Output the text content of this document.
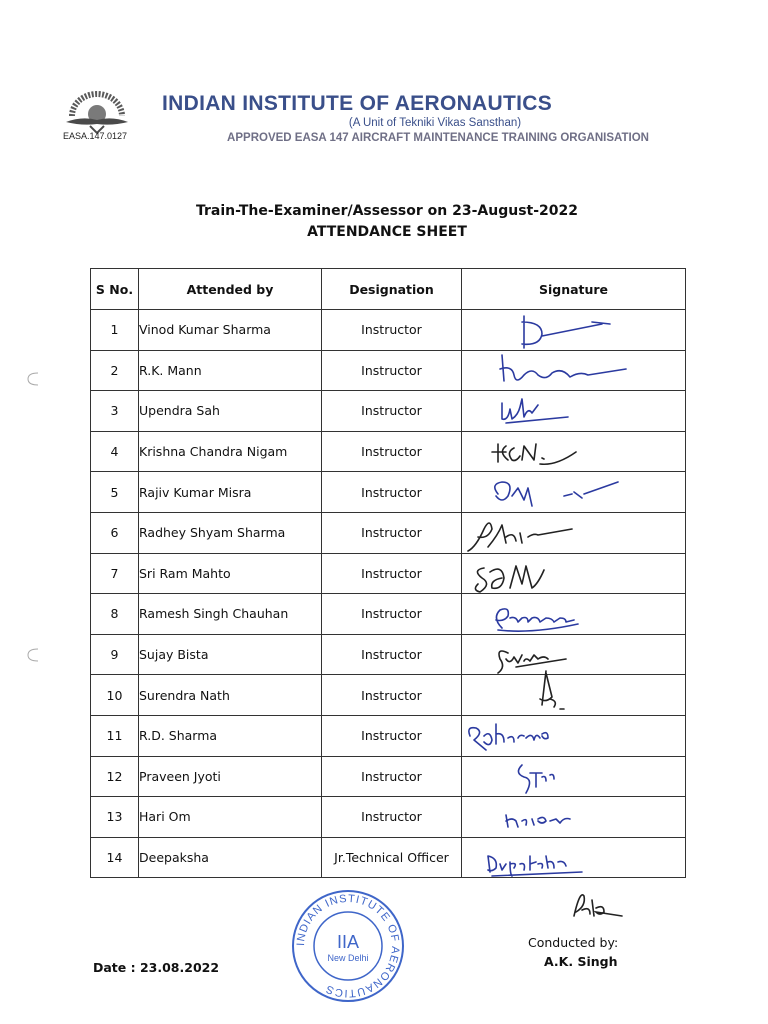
EASA.147.0127
INDIAN INSTITUTE OF AERONAUTICS
(A Unit of Tekniki Vikas Sansthan)
APPROVED EASA 147 AIRCRAFT MAINTENANCE TRAINING ORGANISATION
Train-The-Examiner/Assessor on 23-August-2022
ATTENDANCE SHEET
S No.	Attended by	Designation	Signature
1	Vinod Kumar Sharma	Instructor	

2	R.K. Mann	Instructor	

3	Upendra Sah	Instructor	

4	Krishna Chandra Nigam	Instructor	

5	Rajiv Kumar Misra	Instructor	

6	Radhey Shyam Sharma	Instructor	

7	Sri Ram Mahto	Instructor	

8	Ramesh Singh Chauhan	Instructor	

9	Sujay Bista	Instructor	

10	Surendra Nath	Instructor	

11	R.D. Sharma	Instructor	

12	Praveen Jyoti	Instructor	

13	Hari Om	Instructor	

14	Deepaksha	Jr.Technical Officer	
Date : 23.08.2022
INDIAN INSTITUTE OF AERONAUTICS
IIA
New Delhi
Conducted by:
A.K. Singh
